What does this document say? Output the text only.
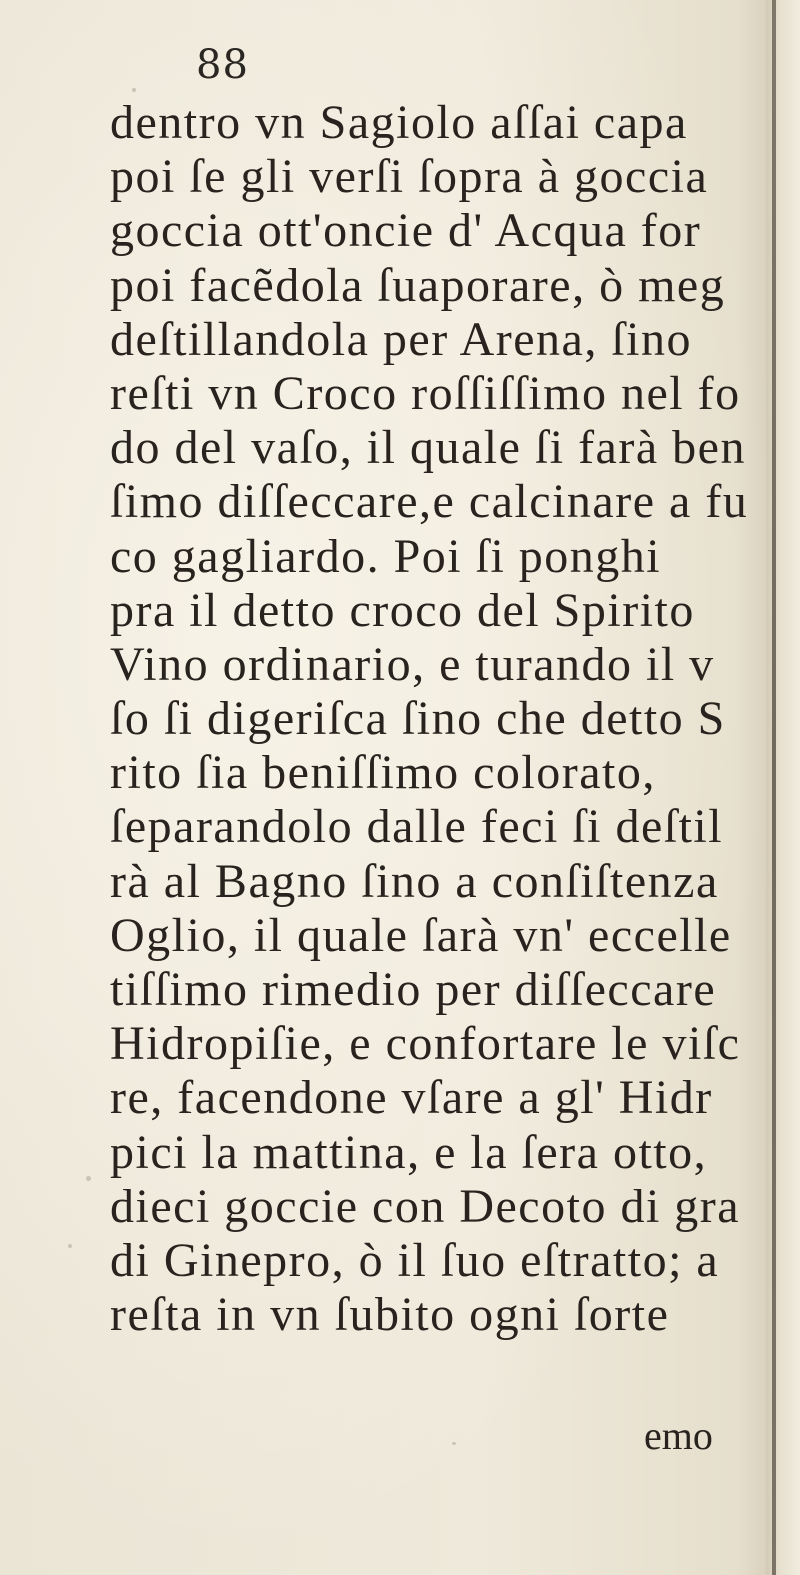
88
dentro vn Sagiolo aſſai capa
poi ſe gli verſi ſopra à goccia
goccia ott'oncie d' Acqua for
poi facẽdola ſuaporare, ò meg
deſtillandola per Arena, ſino
reſti vn Croco roſſiſſimo nel fo
do del vaſo, il quale ſi farà ben
ſimo diſſeccare,e calcinare a fu
co gagliardo. Poi ſi ponghi
pra il detto croco del Spirito
Vino ordinario, e turando il v
ſo ſi digeriſca ſino che detto S
rito ſia beniſſimo colorato,
ſeparandolo dalle feci ſi deſtil
rà al Bagno ſino a conſiſtenza
Oglio, il quale ſarà vn' eccelle
tiſſimo rimedio per diſſeccare
Hidropiſie, e confortare le viſc
re, facendone vſare a gl' Hidr
pici la mattina, e la ſera otto,
dieci goccie con Decoto di gra
di Ginepro, ò il ſuo eſtratto; a
reſta in vn ſubito ogni ſorte
emo
